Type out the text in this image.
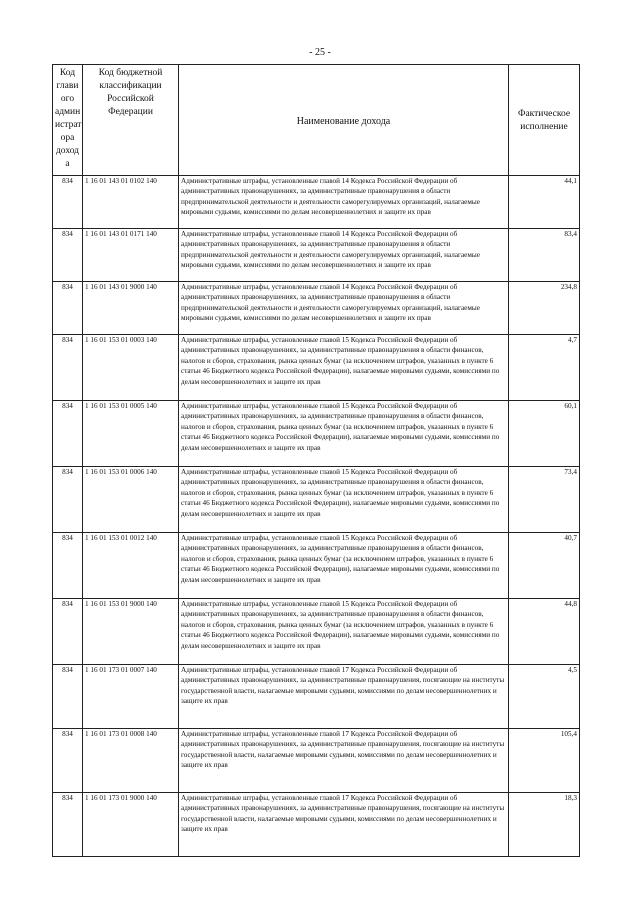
- 25 -
Код глави ого админ истрат ора доход а	Код бюджетной классификации Российской Федерации	Наименование дохода	Фактическое исполнение
834	1 16 01 143 01 0102 140	Административные штрафы, установленные главой 14 Кодекса Российской Федерации об административных правонарушениях, за административные правонарушения в области предпринимательской деятельности и деятельности саморегулируемых организаций, налагаемые мировыми судьями, комиссиями по делам несовершеннолетних и защите их прав	44,1
834	1 16 01 143 01 0171 140	Административные штрафы, установленные главой 14 Кодекса Российской Федерации об административных правонарушениях, за административные правонарушения в области предпринимательской деятельности и деятельности саморегулируемых организаций, налагаемые мировыми судьями, комиссиями по делам несовершеннолетних и защите их прав	83,4
834	1 16 01 143 01 9000 140	Административные штрафы, установленные главой 14 Кодекса Российской Федерации об административных правонарушениях, за административные правонарушения в области предпринимательской деятельности и деятельности саморегулируемых организаций, налагаемые мировыми судьями, комиссиями по делам несовершеннолетних и защите их прав	234,8
834	1 16 01 153 01 0003 140	Административные штрафы, установленные главой 15 Кодекса Российской Федерации об административных правонарушениях, за административные правонарушения в области финансов, налогов и сборов, страхования, рынка ценных бумаг (за исключением штрафов, указанных в пункте 6 статьи 46 Бюджетного кодекса Российской Федерации), налагаемые мировыми судьями, комиссиями по делам несовершеннолетних и защите их прав	4,7
834	1 16 01 153 01 0005 140	Административные штрафы, установленные главой 15 Кодекса Российской Федерации об административных правонарушениях, за административные правонарушения в области финансов, налогов и сборов, страхования, рынка ценных бумаг (за исключением штрафов, указанных в пункте 6 статьи 46 Бюджетного кодекса Российской Федерации), налагаемые мировыми судьями, комиссиями по делам несовершеннолетних и защите их прав	60,1
834	1 16 01 153 01 0006 140	Административные штрафы, установленные главой 15 Кодекса Российской Федерации об административных правонарушениях, за административные правонарушения в области финансов, налогов и сборов, страхования, рынка ценных бумаг (за исключением штрафов, указанных в пункте 6 статьи 46 Бюджетного кодекса Российской Федерации), налагаемые мировыми судьями, комиссиями по делам несовершеннолетних и защите их прав	73,4
834	1 16 01 153 01 0012 140	Административные штрафы, установленные главой 15 Кодекса Российской Федерации об административных правонарушениях, за административные правонарушения в области финансов, налогов и сборов, страхования, рынка ценных бумаг (за исключением штрафов, указанных в пункте 6 статьи 46 Бюджетного кодекса Российской Федерации), налагаемые мировыми судьями, комиссиями по делам несовершеннолетних и защите их прав	40,7
834	1 16 01 153 01 9000 140	Административные штрафы, установленные главой 15 Кодекса Российской Федерации об административных правонарушениях, за административные правонарушения в области финансов, налогов и сборов, страхования, рынка ценных бумаг (за исключением штрафов, указанных в пункте 6 статьи 46 Бюджетного кодекса Российской Федерации), налагаемые мировыми судьями, комиссиями по делам несовершеннолетних и защите их прав	44,8
834	1 16 01 173 01 0007 140	Административные штрафы, установленные главой 17 Кодекса Российской Федерации об административных правонарушениях, за административные правонарушения, посягающие на институты государственной власти, налагаемые мировыми судьями, комиссиями по делам несовершеннолетних и защите их прав	4,5
834	1 16 01 173 01 0008 140	Административные штрафы, установленные главой 17 Кодекса Российской Федерации об административных правонарушениях, за административные правонарушения, посягающие на институты государственной власти, налагаемые мировыми судьями, комиссиями по делам несовершеннолетних и защите их прав	105,4
834	1 16 01 173 01 9000 140	Административные штрафы, установленные главой 17 Кодекса Российской Федерации об административных правонарушениях, за административные правонарушения, посягающие на институты государственной власти, налагаемые мировыми судьями, комиссиями по делам несовершеннолетних и защите их прав	18,3
